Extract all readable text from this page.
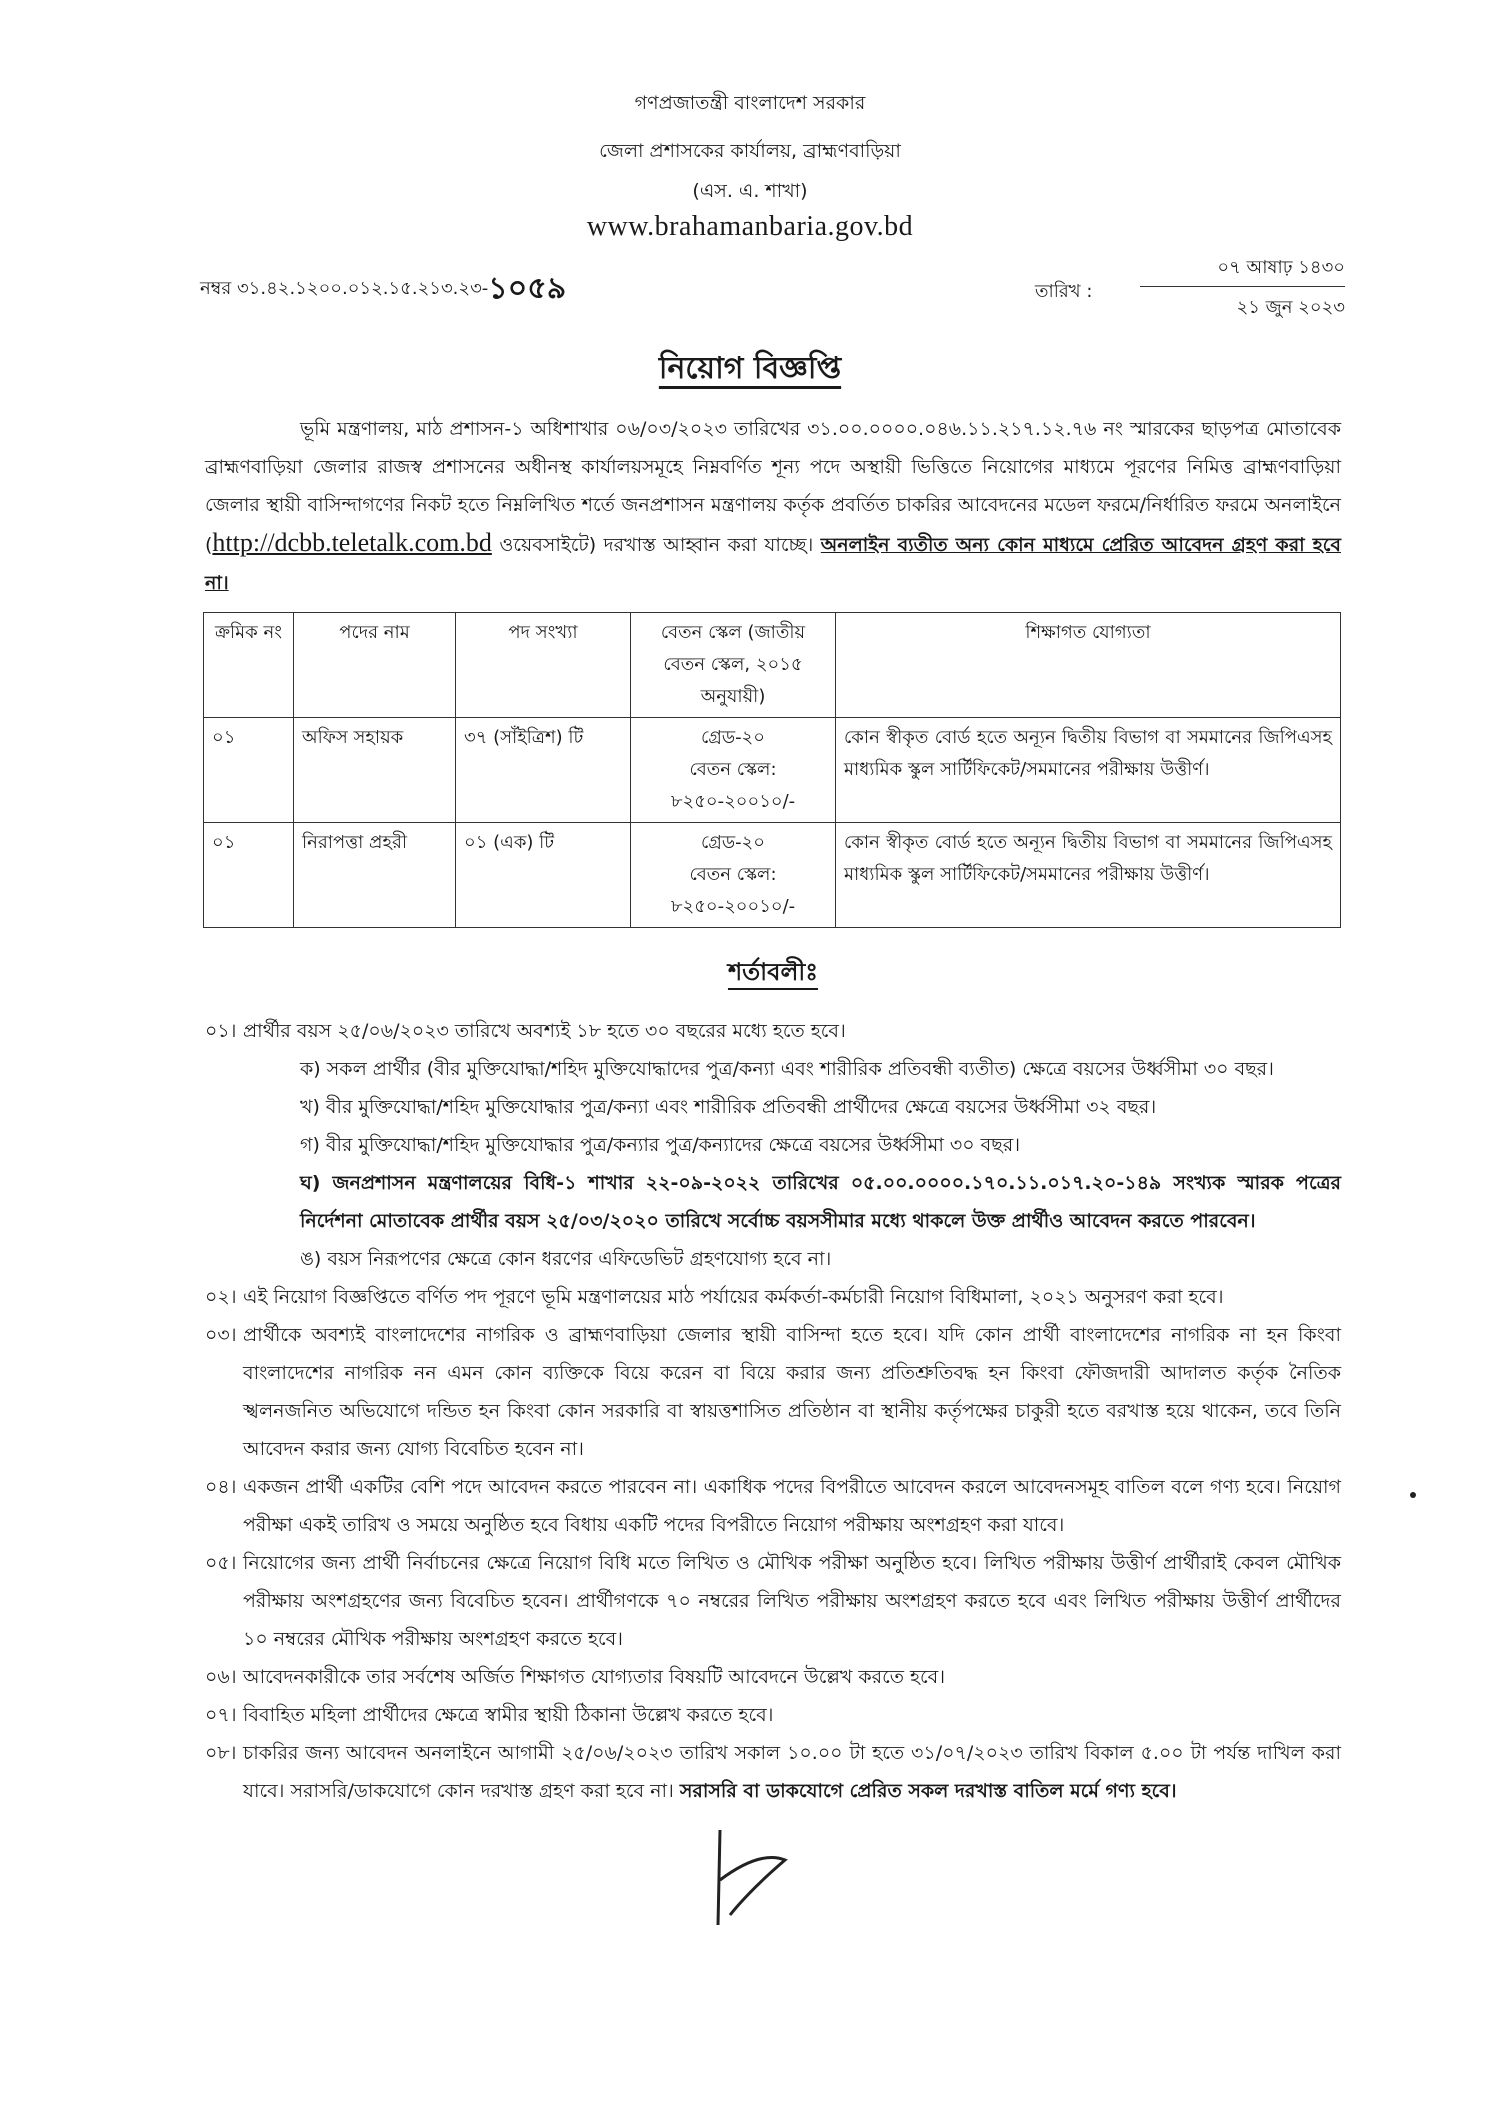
গণপ্রজাতন্ত্রী বাংলাদেশ সরকার
জেলা প্রশাসকের কার্যালয়, ব্রাহ্মণবাড়িয়া
(এস. এ. শাখা)
www.brahamanbaria.gov.bd
নম্বর ৩১.৪২.১২০০.০১২.১৫.২১৩.২৩-১০৫৯	তারিখ :
০৭ আষাঢ় ১৪৩০
২১ জুন ২০২৩
নিয়োগ বিজ্ঞপ্তি
ভূমি মন্ত্রণালয়, মাঠ প্রশাসন-১ অধিশাখার ০৬/০৩/২০২৩ তারিখের ৩১.০০.০০০০.০৪৬.১১.২১৭.১২.৭৬ নং স্মারকের ছাড়পত্র মোতাবেক ব্রাহ্মণবাড়িয়া জেলার রাজস্ব প্রশাসনের অধীনস্থ কার্যালয়সমূহে নিম্নবর্ণিত শূন্য পদে অস্থায়ী ভিত্তিতে নিয়োগের মাধ্যমে পূরণের নিমিত্ত ব্রাহ্মণবাড়িয়া জেলার স্থায়ী বাসিন্দাগণের নিকট হতে নিম্নলিখিত শর্তে জনপ্রশাসন মন্ত্রণালয় কর্তৃক প্রবর্তিত চাকরির আবেদনের মডেল ফরমে/নির্ধারিত ফরমে অনলাইনে (http://dcbb.teletalk.com.bd ওয়েবসাইটে) দরখাস্ত আহ্বান করা যাচ্ছে। অনলাইন ব্যতীত অন্য কোন মাধ্যমে প্রেরিত আবেদন গ্রহণ করা হবে না।
ক্রমিক নং	পদের নাম	পদ সংখ্যা	বেতন স্কেল (জাতীয় বেতন স্কেল, ২০১৫ অনুযায়ী)	শিক্ষাগত যোগ্যতা
০১	অফিস সহায়ক	৩৭ (সাঁইত্রিশ) টি	গ্রেড-২০
বেতন স্কেল:
৮২৫০-২০০১০/-	কোন স্বীকৃত বোর্ড হতে অন্যূন দ্বিতীয় বিভাগ বা সমমানের জিপিএসহ মাধ্যমিক স্কুল সার্টিফিকেট/সমমানের পরীক্ষায় উত্তীর্ণ।
০১	নিরাপত্তা প্রহরী	০১ (এক) টি	গ্রেড-২০
বেতন স্কেল:
৮২৫০-২০০১০/-	কোন স্বীকৃত বোর্ড হতে অন্যূন দ্বিতীয় বিভাগ বা সমমানের জিপিএসহ মাধ্যমিক স্কুল সার্টিফিকেট/সমমানের পরীক্ষায় উত্তীর্ণ।
শর্তাবলীঃ
০১। প্রার্থীর বয়স ২৫/০৬/২০২৩ তারিখে অবশ্যই ১৮ হতে ৩০ বছরের মধ্যে হতে হবে।
ক) সকল প্রার্থীর (বীর মুক্তিযোদ্ধা/শহিদ মুক্তিযোদ্ধাদের পুত্র/কন্যা এবং শারীরিক প্রতিবন্ধী ব্যতীত) ক্ষেত্রে বয়সের উর্ধ্বসীমা ৩০ বছর।
খ) বীর মুক্তিযোদ্ধা/শহিদ মুক্তিযোদ্ধার পুত্র/কন্যা এবং শারীরিক প্রতিবন্ধী প্রার্থীদের ক্ষেত্রে বয়সের উর্ধ্বসীমা ৩২ বছর।
গ) বীর মুক্তিযোদ্ধা/শহিদ মুক্তিযোদ্ধার পুত্র/কন্যার পুত্র/কন্যাদের ক্ষেত্রে বয়সের উর্ধ্বসীমা ৩০ বছর।
ঘ) জনপ্রশাসন মন্ত্রণালয়ের বিধি-১ শাখার ২২-০৯-২০২২ তারিখের ০৫.০০.০০০০.১৭০.১১.০১৭.২০-১৪৯ সংখ্যক স্মারক পত্রের নির্দেশনা মোতাবেক প্রার্থীর বয়স ২৫/০৩/২০২০ তারিখে সর্বোচ্চ বয়সসীমার মধ্যে থাকলে উক্ত প্রার্থীও আবেদন করতে পারবেন।
ঙ) বয়স নিরূপণের ক্ষেত্রে কোন ধরণের এফিডেভিট গ্রহণযোগ্য হবে না।
০২। এই নিয়োগ বিজ্ঞপ্তিতে বর্ণিত পদ পূরণে ভূমি মন্ত্রণালয়ের মাঠ পর্যায়ের কর্মকর্তা-কর্মচারী নিয়োগ বিধিমালা, ২০২১ অনুসরণ করা হবে।
০৩। প্রার্থীকে অবশ্যই বাংলাদেশের নাগরিক ও ব্রাহ্মণবাড়িয়া জেলার স্থায়ী বাসিন্দা হতে হবে। যদি কোন প্রার্থী বাংলাদেশের নাগরিক না হন কিংবা বাংলাদেশের নাগরিক নন এমন কোন ব্যক্তিকে বিয়ে করেন বা বিয়ে করার জন্য প্রতিশ্রুতিবদ্ধ হন কিংবা ফৌজদারী আদালত কর্তৃক নৈতিক স্খলনজনিত অভিযোগে দন্ডিত হন কিংবা কোন সরকারি বা স্বায়ত্তশাসিত প্রতিষ্ঠান বা স্থানীয় কর্তৃপক্ষের চাকুরী হতে বরখাস্ত হয়ে থাকেন, তবে তিনি আবেদন করার জন্য যোগ্য বিবেচিত হবেন না।
০৪। একজন প্রার্থী একটির বেশি পদে আবেদন করতে পারবেন না। একাধিক পদের বিপরীতে আবেদন করলে আবেদনসমূহ বাতিল বলে গণ্য হবে। নিয়োগ পরীক্ষা একই তারিখ ও সময়ে অনুষ্ঠিত হবে বিধায় একটি পদের বিপরীতে নিয়োগ পরীক্ষায় অংশগ্রহণ করা যাবে।
০৫। নিয়োগের জন্য প্রার্থী নির্বাচনের ক্ষেত্রে নিয়োগ বিধি মতে লিখিত ও মৌখিক পরীক্ষা অনুষ্ঠিত হবে। লিখিত পরীক্ষায় উত্তীর্ণ প্রার্থীরাই কেবল মৌখিক পরীক্ষায় অংশগ্রহণের জন্য বিবেচিত হবেন। প্রার্থীগণকে ৭০ নম্বরের লিখিত পরীক্ষায় অংশগ্রহণ করতে হবে এবং লিখিত পরীক্ষায় উত্তীর্ণ প্রার্থীদের ১০ নম্বরের মৌখিক পরীক্ষায় অংশগ্রহণ করতে হবে।
০৬। আবেদনকারীকে তার সর্বশেষ অর্জিত শিক্ষাগত যোগ্যতার বিষয়টি আবেদনে উল্লেখ করতে হবে।
০৭। বিবাহিত মহিলা প্রার্থীদের ক্ষেত্রে স্বামীর স্থায়ী ঠিকানা উল্লেখ করতে হবে।
০৮। চাকরির জন্য আবেদন অনলাইনে আগামী ২৫/০৬/২০২৩ তারিখ সকাল ১০.০০ টা হতে ৩১/০৭/২০২৩ তারিখ বিকাল ৫.০০ টা পর্যন্ত দাখিল করা যাবে। সরাসরি/ডাকযোগে কোন দরখাস্ত গ্রহণ করা হবে না। সরাসরি বা ডাকযোগে প্রেরিত সকল দরখাস্ত বাতিল মর্মে গণ্য হবে।
